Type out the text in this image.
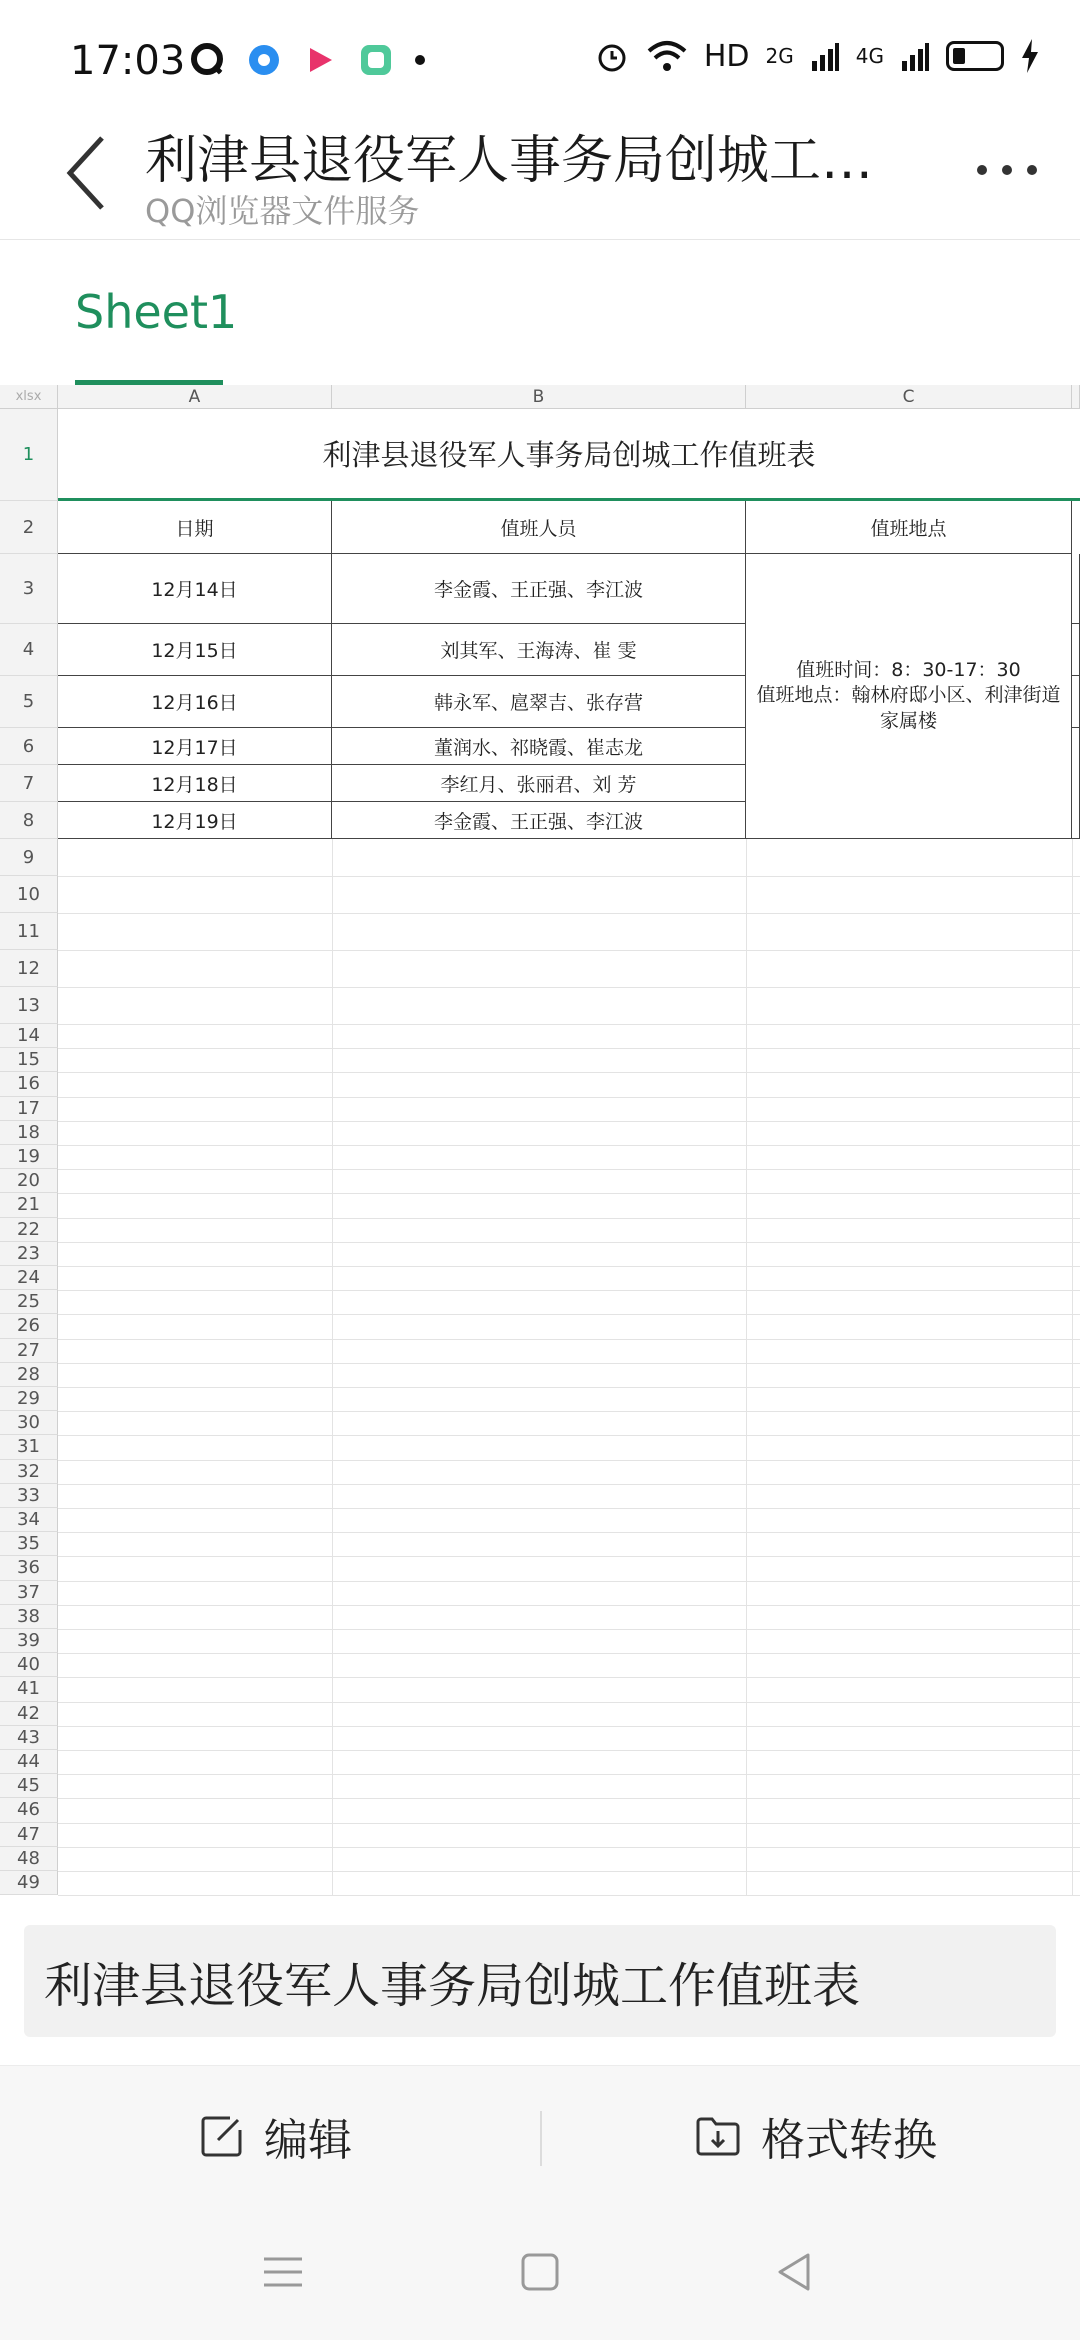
17:03	HD 2G	4G
利津县退役军人事务局创城工…
QQ浏览器文件服务
Sheet1
xlsx	A	B	C
利津县退役军人事务局创城工作值班表
日期	值班人员	值班地点
12月14日	李金霞、王正强、李江波
12月15日	刘其军、王海涛、崔 雯
12月16日	韩永军、扈翠吉、张存营
12月17日	董润水、祁晓霞、崔志龙
12月18日	李红月、张丽君、刘 芳
12月19日	李金霞、王正强、李江波
值班时间：8：30-17：30
值班地点：翰林府邸小区、利津街道家属楼
1
2
3
4
5
6
7
8
9
10
11
12
13
14
15
16
17
18
19
20
21
22
23
24
25
26
27
28
29
30
31
32
33
34
35
36
37
38
39
40
41
42
43
44
45
46
47
48
49
利津县退役军人事务局创城工作值班表
编辑	格式转换
